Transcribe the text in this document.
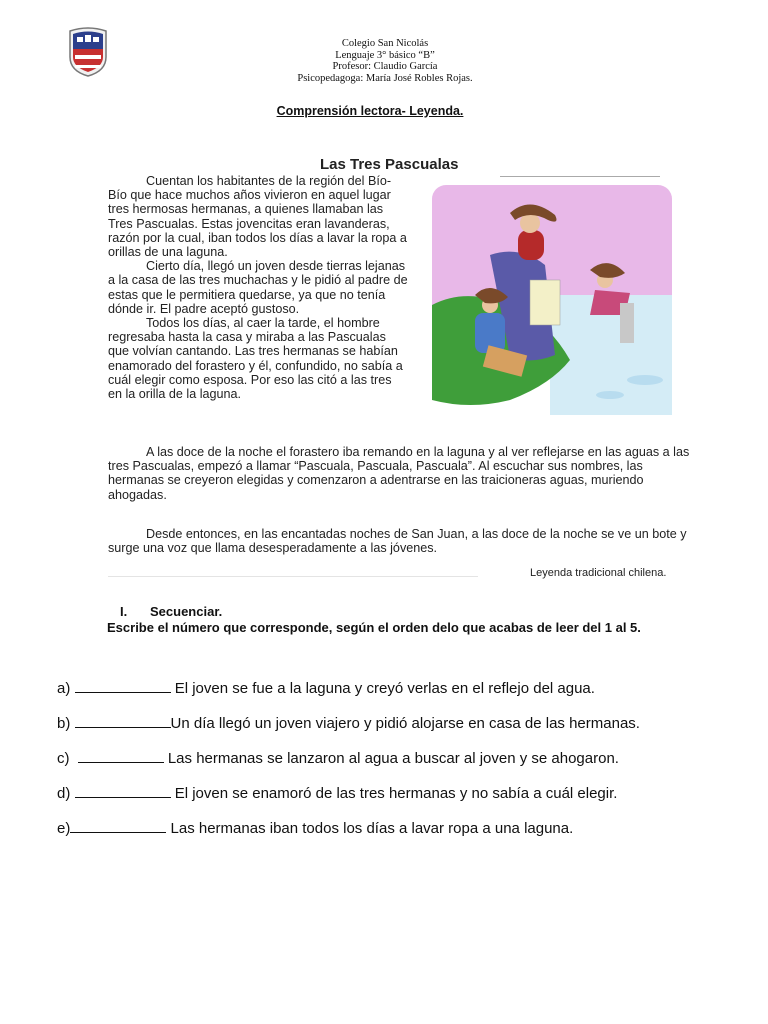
Colegio San Nicolás
Lenguaje 3° básico “B”
Profesor: Claudio García
Psicopedagoga: María José Robles Rojas.
Comprensión lectora- Leyenda.
Las Tres Pascualas

Cuentan los habitantes de la región del Bío-Bío que hace muchos años vivieron en aquel lugar tres hermosas hermanas, a quienes llamaban las Tres Pascualas. Estas jovencitas eran lavanderas, razón por la cual, iban todos los días a lavar la ropa a orillas de una laguna.

Cierto día, llegó un joven desde tierras lejanas a la casa de las tres muchachas y le pidió al padre de estas que le permitiera quedarse, ya que no tenía dónde ir. El padre aceptó gustoso.

Todos los días, al caer la tarde, el hombre regresaba hasta la casa y miraba a las Pascualas que volvían cantando. Las tres hermanas se habían enamorado del forastero y él, confundido, no sabía a cuál elegir como esposa. Por eso las citó a las tres en la orilla de la laguna.

A las doce de la noche el forastero iba remando en la laguna y al ver reflejarse en las aguas a las tres Pascualas, empezó a llamar “Pascuala, Pascuala, Pascuala”. Al escuchar sus nombres, las hermanas se creyeron elegidas y comenzaron a adentrarse en las traicioneras aguas, muriendo ahogadas.

Desde entonces, en las encantadas noches de San Juan, a las doce de la noche se ve un bote y surge una voz que llama desesperadamente a las jóvenes.

Leyenda tradicional chilena.
I. Secuenciar.
Escribe el número que corresponde, según el orden delo que acabas de leer del 1 al 5.
a)	El joven se fue a la laguna y creyó verlas en el reflejo del agua.
b)	Un día llegó un joven viajero y pidió alojarse en casa de las hermanas.
c)	Las hermanas se lanzaron al agua a buscar al joven y se ahogaron.
d)	El joven se enamoró de las tres hermanas y no sabía a cuál elegir.
e)	Las hermanas iban todos los días a lavar ropa a una laguna.
